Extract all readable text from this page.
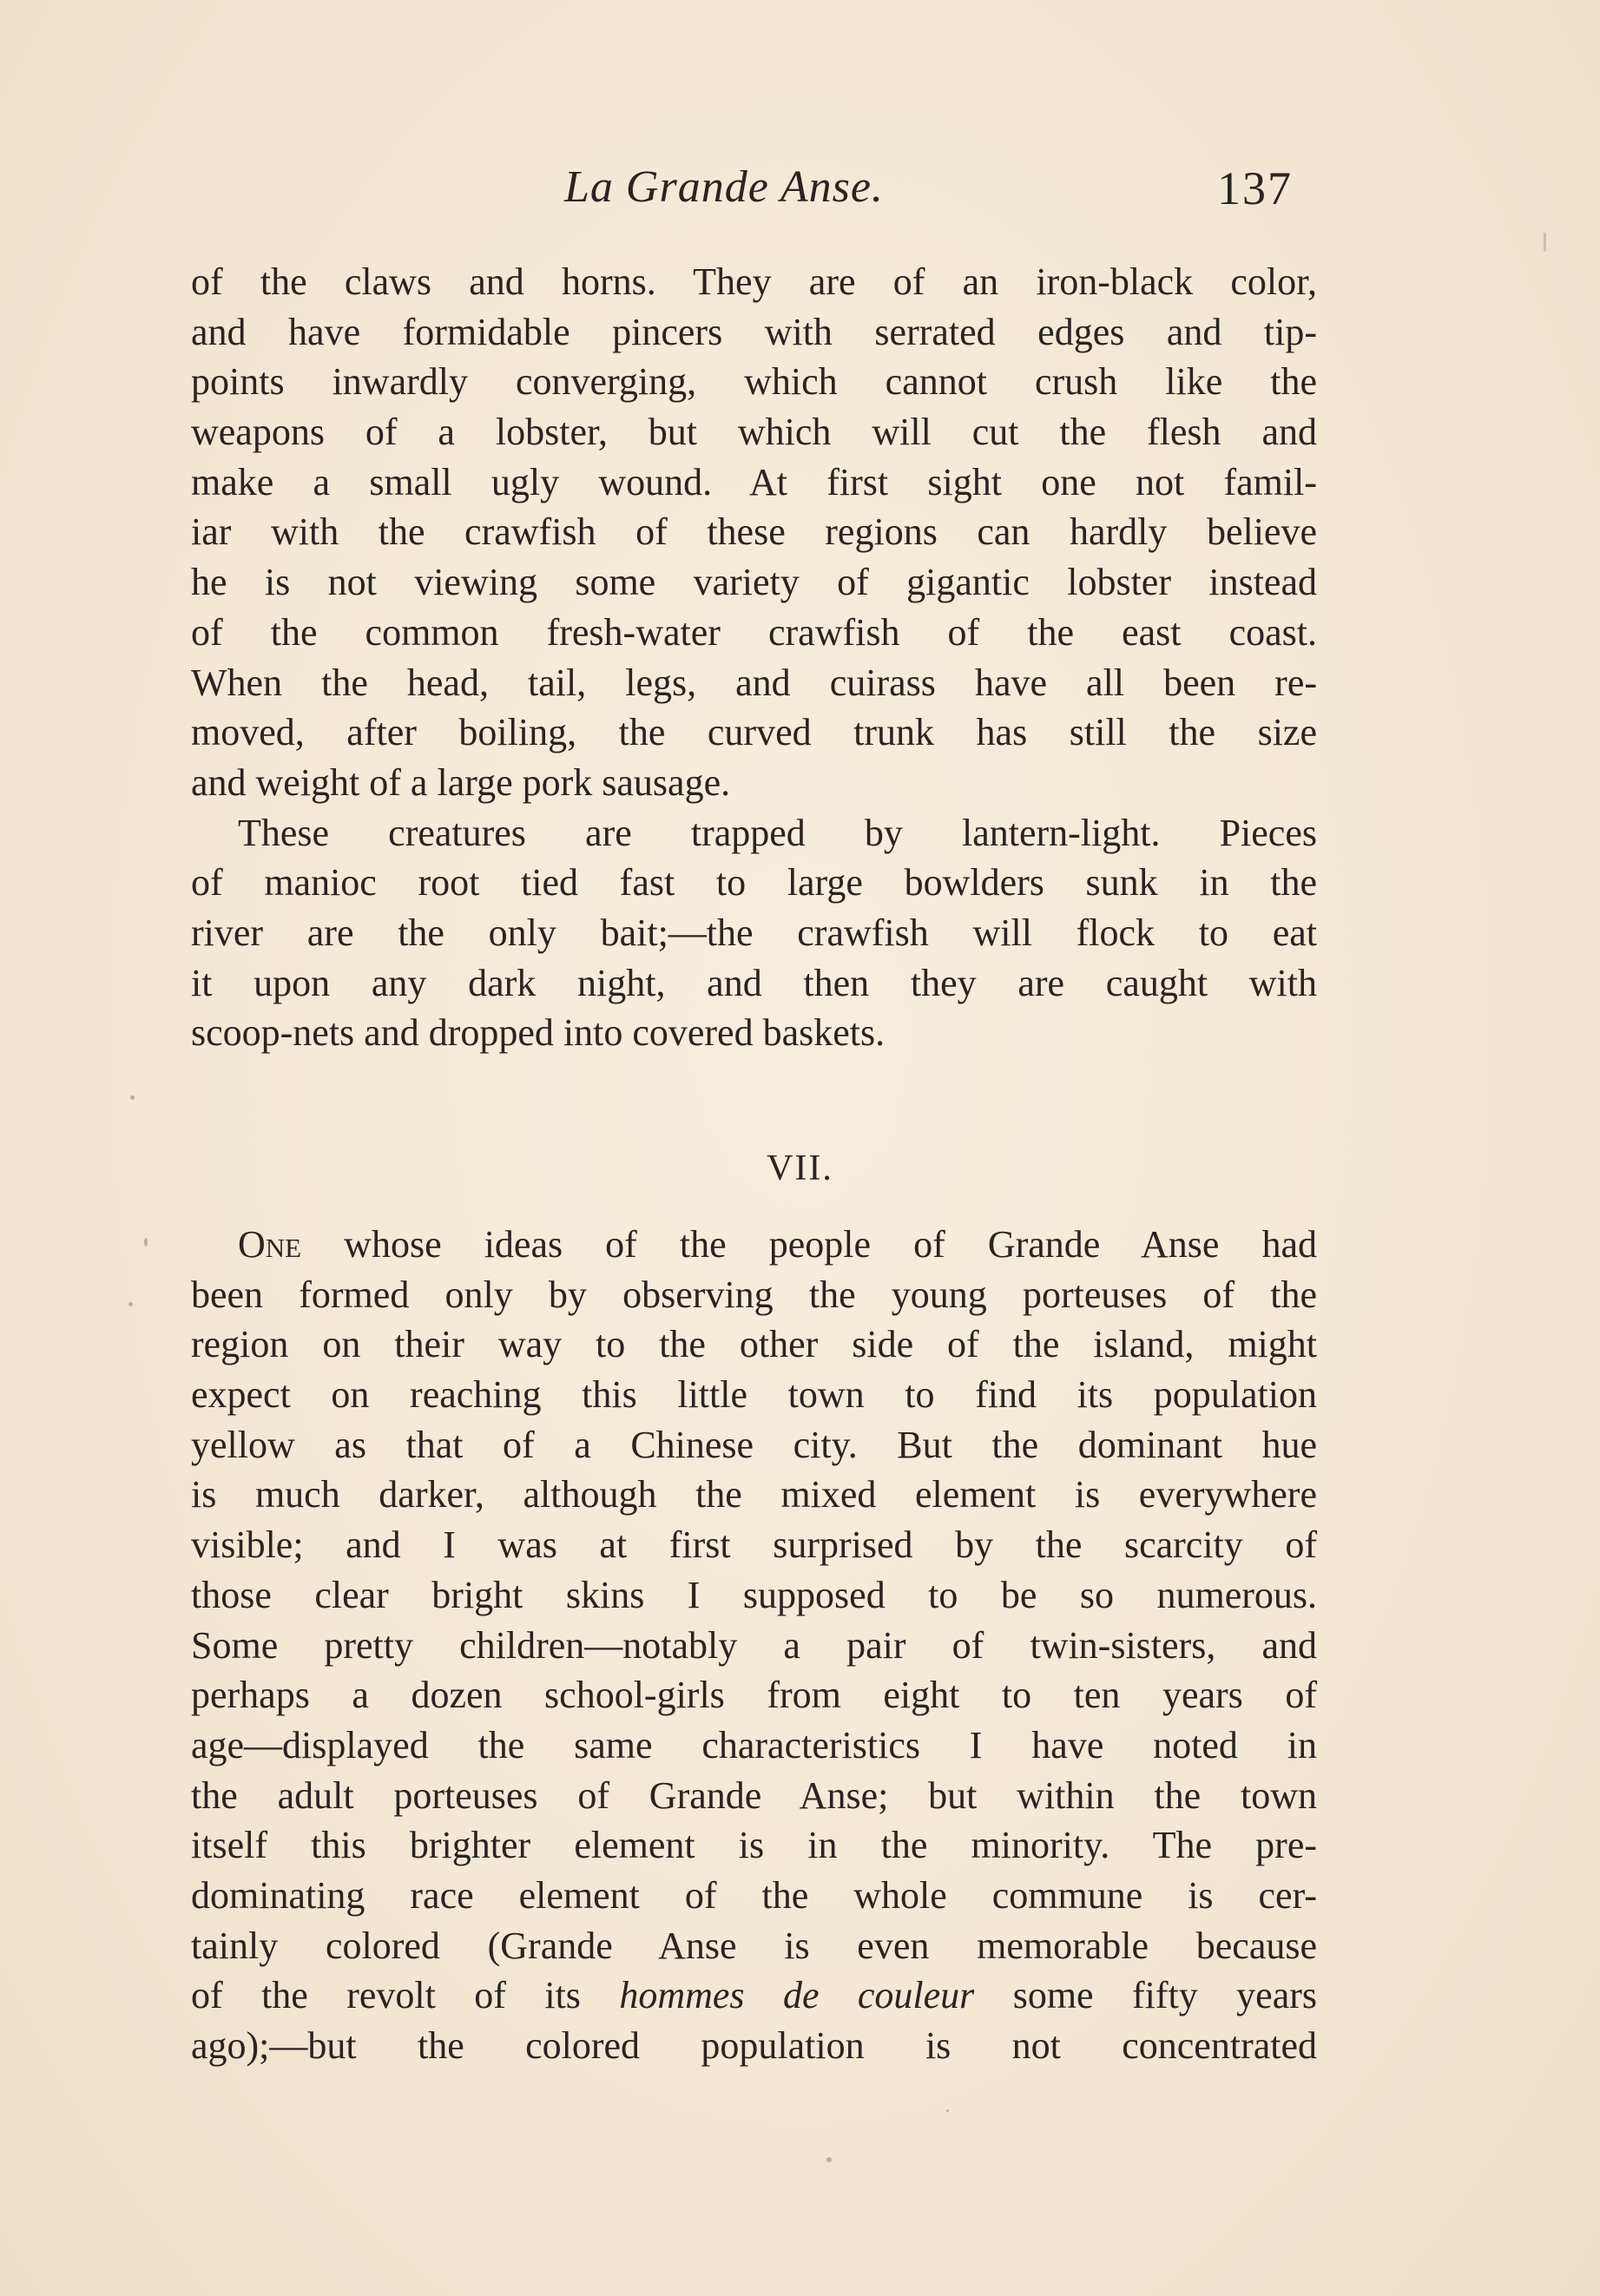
La Grande Anse.	137
of the claws and horns. They are of an iron-black color,
and have formidable pincers with serrated edges and tip-
points inwardly converging, which cannot crush like the
weapons of a lobster, but which will cut the flesh and
make a small ugly wound. At first sight one not famil-
iar with the crawfish of these regions can hardly believe
he is not viewing some variety of gigantic lobster instead
of the common fresh-water crawfish of the east coast.
When the head, tail, legs, and cuirass have all been re-
moved, after boiling, the curved trunk has still the size
and weight of a large pork sausage.
These creatures are trapped by lantern-light. Pieces
of manioc root tied fast to large bowlders sunk in the
river are the only bait;—the crawfish will flock to eat
it upon any dark night, and then they are caught with
scoop-nets and dropped into covered baskets.
VII.
One whose ideas of the people of Grande Anse had
been formed only by observing the young porteuses of the
region on their way to the other side of the island, might
expect on reaching this little town to find its population
yellow as that of a Chinese city. But the dominant hue
is much darker, although the mixed element is everywhere
visible; and I was at first surprised by the scarcity of
those clear bright skins I supposed to be so numerous.
Some pretty children—notably a pair of twin-sisters, and
perhaps a dozen school-girls from eight to ten years of
age—displayed the same characteristics I have noted in
the adult porteuses of Grande Anse; but within the town
itself this brighter element is in the minority. The pre-
dominating race element of the whole commune is cer-
tainly colored (Grande Anse is even memorable because
of the revolt of its hommes de couleur some fifty years
ago);—but the colored population is not concentrated
